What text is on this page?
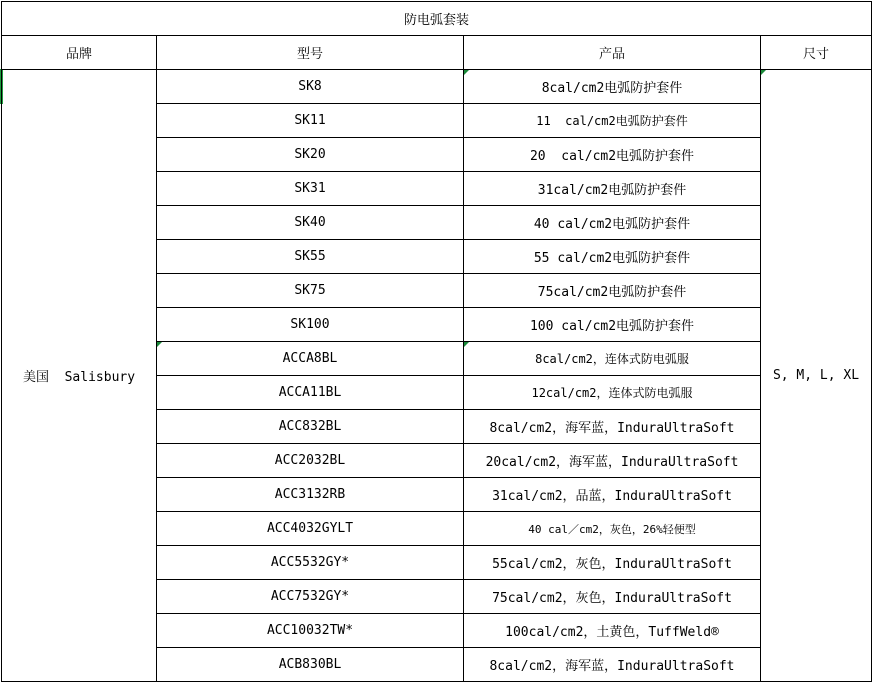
防电弧套装			
品牌	型号	产品	尺寸
美国  Salisbury	SK8	8cal/cm2电弧防护套件	S, M, L, XL

	SK11	11  cal/cm2电弧防护套件	
	SK20	20  cal/cm2电弧防护套件	
	SK31	31cal/cm2电弧防护套件	
	SK40	40 cal/cm2电弧防护套件	
	SK55	55 cal/cm2电弧防护套件	
	SK75	75cal/cm2电弧防护套件	
	SK100	100 cal/cm2电弧防护套件	
	ACCA8BL	8cal/cm2，连体式防电弧服	

	ACCA11BL	12cal/cm2，连体式防电弧服	
	ACC832BL	8cal/cm2，海军蓝，InduraUltraSoft	
	ACC2032BL	20cal/cm2，海军蓝，InduraUltraSoft	
	ACC3132RB	31cal/cm2，品蓝，InduraUltraSoft	
	ACC4032GYLT	40 cal／cm2，灰色，26%轻便型	
	ACC5532GY*	55cal/cm2，灰色，InduraUltraSoft	
	ACC7532GY*	75cal/cm2，灰色，InduraUltraSoft	
	ACC10032TW*	100cal/cm2，土黄色，TuffWeld®	
	ACB830BL	8cal/cm2，海军蓝，InduraUltraSoft	
